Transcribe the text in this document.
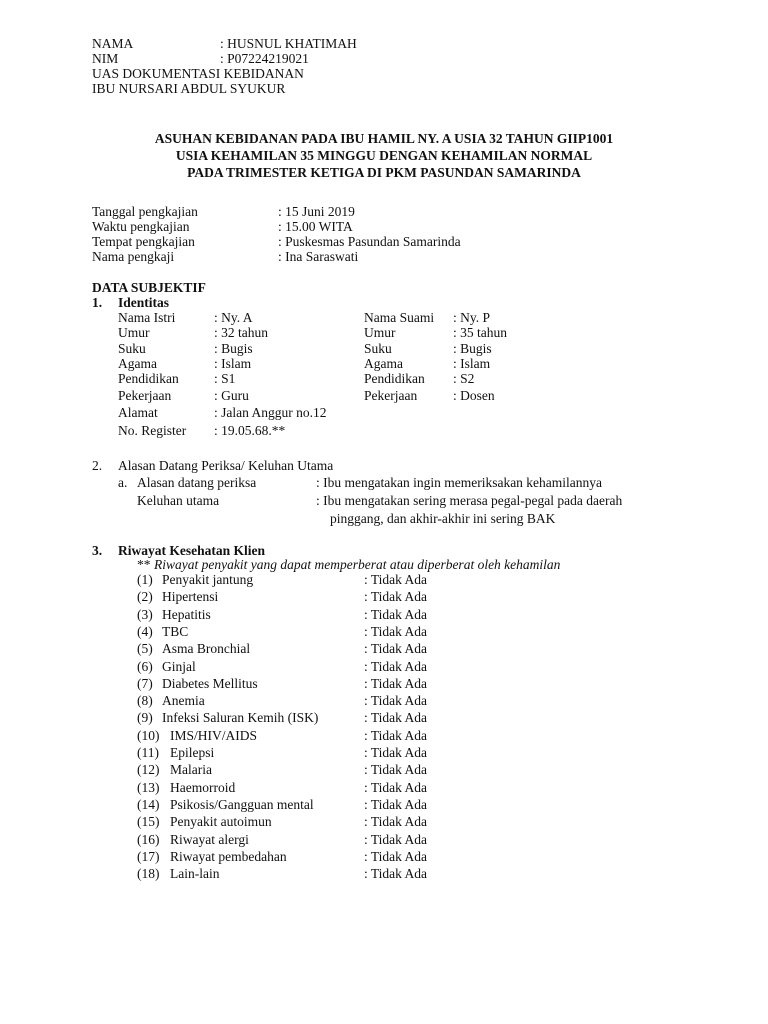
NAMA	: HUSNUL KHATIMAH
NIM	: P07224219021
UAS DOKUMENTASI KEBIDANAN
IBU NURSARI ABDUL SYUKUR
ASUHAN KEBIDANAN PADA IBU HAMIL NY. A USIA 32 TAHUN GIIP1001
USIA KEHAMILAN 35 MINGGU DENGAN KEHAMILAN NORMAL
PADA TRIMESTER KETIGA DI PKM PASUNDAN SAMARINDA
Tanggal pengkajian	: 15 Juni 2019
Waktu pengkajian	: 15.00 WITA
Tempat pengkajian	: Puskesmas Pasundan Samarinda
Nama pengkaji	: Ina Saraswati
DATA SUBJEKTIF
1. Identitas
Nama Istri	: Ny. A	Nama Suami : Ny. P
Umur	: 32 tahun	Umur	: 35 tahun
Suku	: Bugis	Suku	: Bugis
Agama	: Islam	Agama	: Islam
Pendidikan	: S1	Pendidikan : S2
Pekerjaan	: Guru	Pekerjaan	: Dosen
Alamat	: Jalan Anggur no.12
No. Register : 19.05.68.**
2. Alasan Datang Periksa/ Keluhan Utama
a. Alasan datang periksa	: Ibu mengatakan ingin memeriksakan kehamilannya
Keluhan utama	: Ibu mengatakan sering merasa pegal-pegal pada daerah
pinggang, dan akhir-akhir ini sering BAK
3. Riwayat Kesehatan Klien
** Riwayat penyakit yang dapat memperberat atau diperberat oleh kehamilan
(1) Penyakit jantung	: Tidak Ada
(2) Hipertensi	: Tidak Ada
(3) Hepatitis	: Tidak Ada
(4) TBC	: Tidak Ada
(5) Asma Bronchial	: Tidak Ada
(6) Ginjal	: Tidak Ada
(7) Diabetes Mellitus	: Tidak Ada
(8) Anemia	: Tidak Ada
(9) Infeksi Saluran Kemih (ISK)	: Tidak Ada
(10) IMS/HIV/AIDS	: Tidak Ada
(11) Epilepsi	: Tidak Ada
(12) Malaria	: Tidak Ada
(13) Haemorroid	: Tidak Ada
(14) Psikosis/Gangguan mental	: Tidak Ada
(15) Penyakit autoimun	: Tidak Ada
(16) Riwayat alergi	: Tidak Ada
(17) Riwayat pembedahan	: Tidak Ada
(18) Lain-lain	: Tidak Ada
